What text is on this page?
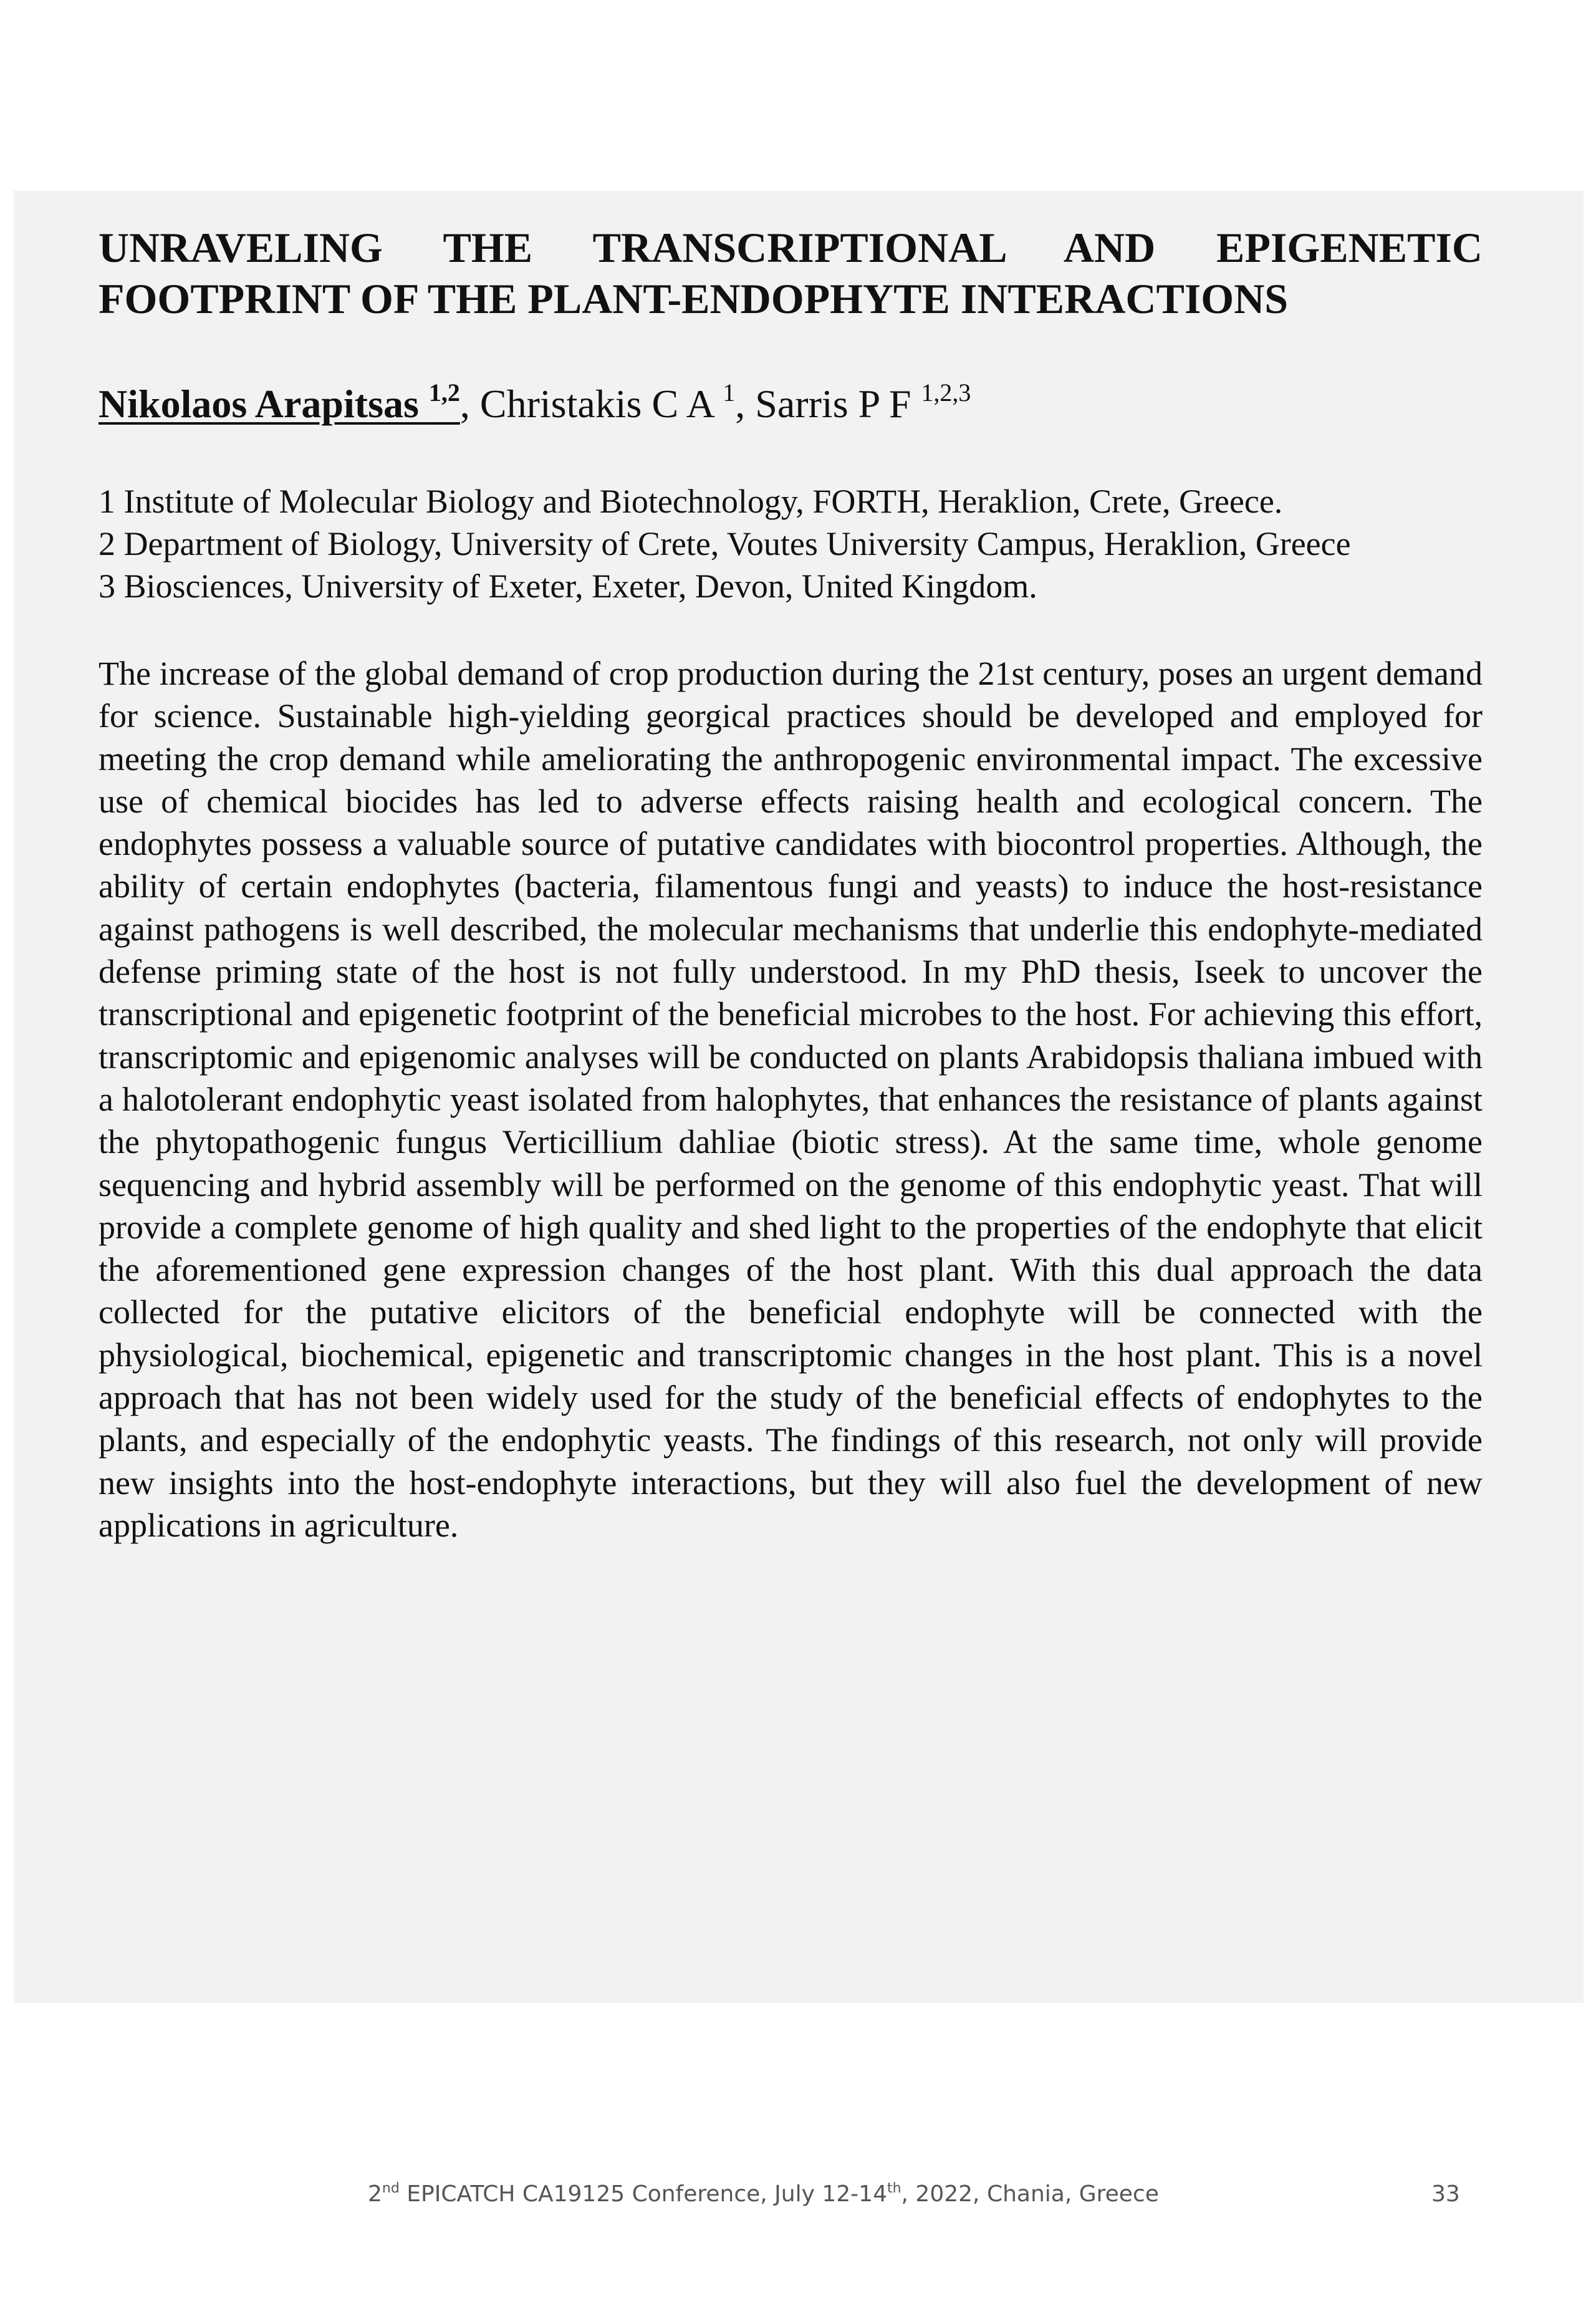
UNRAVELING THE TRANSCRIPTIONAL AND EPIGENETIC
FOOTPRINT OF THE PLANT-ENDOPHYTE INTERACTIONS

Nikolaos Arapitsas $^{1,2}$, Christakis C A $^1$, Sarris P F $^{1,2,3}$

1 Institute of Molecular Biology and Biotechnology, FORTH, Heraklion, Crete, Greece.
2 Department of Biology, University of Crete, Voutes University Campus, Heraklion, Greece
3 Biosciences, University of Exeter, Exeter, Devon, United Kingdom.

The increase of the global demand of crop production during the 21st century, poses an urgent demand for science. Sustainable high-yielding georgical practices should be developed and employed for meeting the crop demand while ameliorating the anthropogenic environmental impact. The excessive use of chemical biocides has led to adverse effects raising health and ecological concern. The endophytes possess a valuable source of putative candidates with biocontrol properties. Although, the ability of certain endophytes (bacteria, filamentous fungi and yeasts) to induce the host-resistance against pathogens is well described, the molecular mechanisms that underlie this endophyte-mediated defense priming state of the host is not fully understood. In my PhD thesis, Iseek to uncover the transcriptional and epigenetic footprint of the beneficial microbes to the host. For achieving this effort, transcriptomic and epigenomic analyses will be conducted on plants Arabidopsis thaliana imbued with a halotolerant endophytic yeast isolated from halophytes, that enhances the resistance of plants against the phytopathogenic fungus Verticillium dahliae (biotic stress). At the same time, whole genome sequencing and hybrid assembly will be performed on the genome of this endophytic yeast. That will provide a complete genome of high quality and shed light to the properties of the endophyte that elicit the aforementioned gene expression changes of the host plant. With this dual approach the data collected for the putative elicitors of the beneficial endophyte will be connected with the physiological, biochemical, epigenetic and transcriptomic changes in the host plant. This is a novel approach that has not been widely used for the study of the beneficial effects of endophytes to the plants, and especially of the endophytic yeasts. The findings of this research, not only will provide new insights into the host-endophyte interactions, but they will also fuel the development of new applications in agriculture.

2nd EPICATCH CA19125 Conference, July 12-14th, 2022, Chania, Greece	33
